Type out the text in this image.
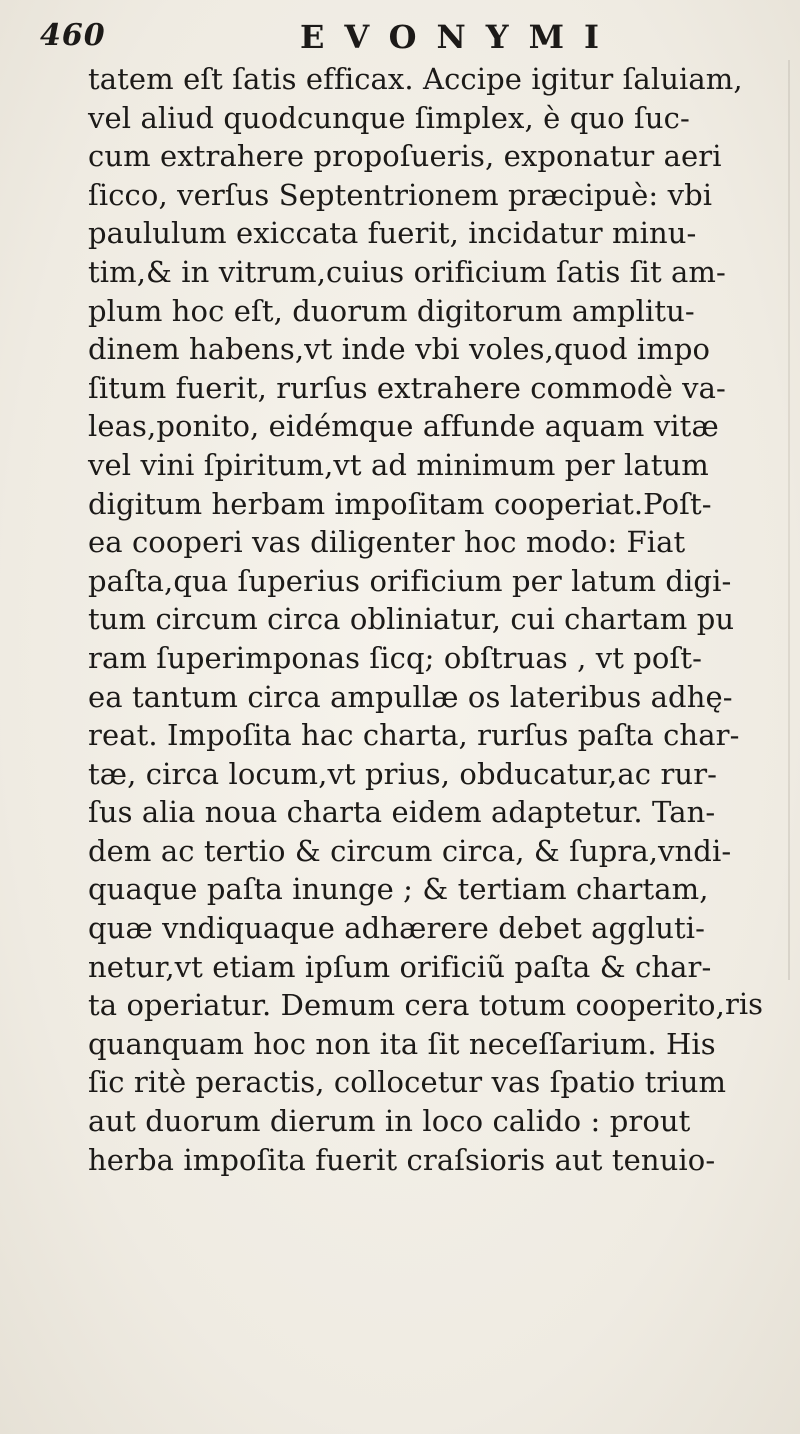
460	EVONYMI
tatem eſt ſatis efficax. Accipe igitur ſaluiam,
vel aliud quodcunque ſimplex, è quo ſuc-
cum extrahere propoſueris, exponatur aeri
ſicco, verſus Septentrionem præcipuè: vbi
paululum exiccata fuerit, incidatur minu-
tim,& in vitrum,cuius orificium ſatis ſit am-
plum hoc eſt, duorum digitorum amplitu-
dinem habens,vt inde vbi voles,quod impo
ſitum fuerit, rurſus extrahere commodè va-
leas,ponito, eidémque affunde aquam vitæ
vel vini ſpiritum,vt ad minimum per latum
digitum herbam impoſitam cooperiat.Poſt-
ea cooperi vas diligenter hoc modo: Fiat
paſta,qua ſuperius orificium per latum digi-
tum circum circa obliniatur, cui chartam pu
ram ſuperimponas ſicq; obſtruas , vt poſt-
ea tantum circa ampullæ os lateribus adhę-
reat. Impoſita hac charta, rurſus paſta char-
tæ, circa locum,vt prius, obducatur,ac rur-
ſus alia noua charta eidem adaptetur. Tan-
dem ac tertio & circum circa, & ſupra,vndi-
quaque paſta inunge ; & tertiam chartam,
quæ vndiquaque adhærere debet aggluti-
netur,vt etiam ipſum orificiũ paſta & char-
ta operiatur. Demum cera totum cooperito,
quanquam hoc non ita ſit neceſſarium. His
ſic ritè peractis, collocetur vas ſpatio trium
aut duorum dierum in loco calido : prout
herba impoſita fuerit craſsioris aut tenuio-
ris
